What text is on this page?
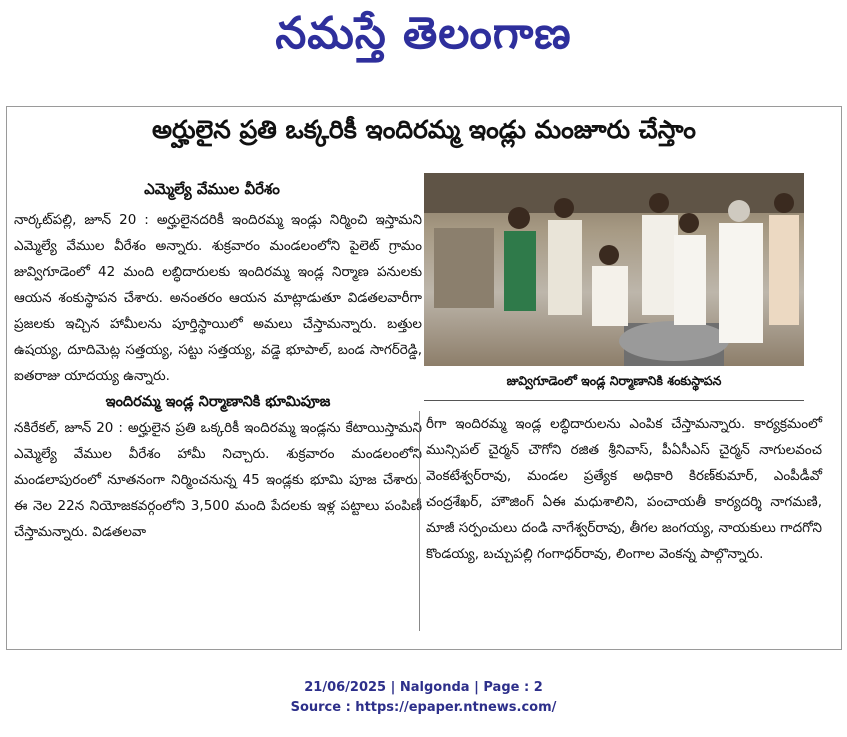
నమస్తే తెలంగాణ
అర్హులైన ప్రతి ఒక్కరికీ ఇందిరమ్మ ఇండ్లు మంజూరు చేస్తాం
ఎమ్మెల్యే వేముల వీరేశం

నార్కట్‌పల్లి, జూన్ 20 : అర్హులైనదరికీ ఇందిరమ్మ ఇండ్లు నిర్మించి ఇస్తామని ఎమ్మెల్యే వేముల వీరేశం అన్నారు. శుక్రవారం మండలంలోని పైలెట్ గ్రామం జువ్విగూడెంలో 42 మంది లబ్ధిదారులకు ఇందిరమ్మ ఇండ్ల నిర్మాణ పనులకు ఆయన శంకుస్థాపన చేశారు. అనంతరం ఆయన మాట్లాడుతూ విడతలవారీగా ప్రజలకు ఇచ్చిన హామీలను పూర్తిస్థాయిలో అమలు చేస్తామన్నారు. బత్తుల ఉషయ్య, దూదిమెట్ల సత్తయ్య, సట్టు సత్తయ్య, వడ్డె భూపాల్, బండ సాగర్‌రెడ్డి, ఐతరాజు యాదయ్య ఉన్నారు.

ఇందిరమ్మ ఇండ్ల నిర్మాణానికి భూమిపూజ

నకిరేకల్, జూన్ 20 : అర్హులైన ప్రతి ఒక్కరికీ ఇందిరమ్మ ఇండ్లను కేటాయిస్తామని ఎమ్మెల్యే వేముల వీరేశం హామీ నిచ్చారు. శుక్రవారం మండలంలోని మండలాపురంలో నూతనంగా నిర్మించనున్న 45 ఇండ్లకు భూమి పూజ చేశారు. ఈ నెల 22న నియోజకవర్గంలోని 3,500 మంది పేదలకు ఇళ్ల పట్టాలు పంపిణీ చేస్తామన్నారు. విడతలవా

జువ్విగూడెంలో ఇండ్ల నిర్మాణానికి శంకుస్థాపన

రీగా ఇందిరమ్మ ఇండ్ల లబ్ధిదారులను ఎంపిక చేస్తామన్నారు. కార్యక్రమంలో మున్సిపల్ చైర్మన్ చౌగోని రజిత శ్రీనివాస్, పీఏసీఎస్ చైర్మన్ నాగులవంచ వెంకటేశ్వర్‌రావు, మండల ప్రత్యేక అధికారి కిరణ్‌కుమార్, ఎంపీడీవో చంద్రశేఖర్, హౌజింగ్ ఏఈ మధుశాలిని, పంచాయతీ కార్యదర్శి నాగమణి, మాజీ సర్పంచులు దండి నాగేశ్వర్‌రావు, తీగల జంగయ్య, నాయకులు గాదగోని కొండయ్య, బచ్చుపల్లి గంగాధర్‌రావు, లింగాల వెంకన్న పాల్గొన్నారు.

21/06/2025 | Nalgonda | Page : 2
Source : https://epaper.ntnews.com/
